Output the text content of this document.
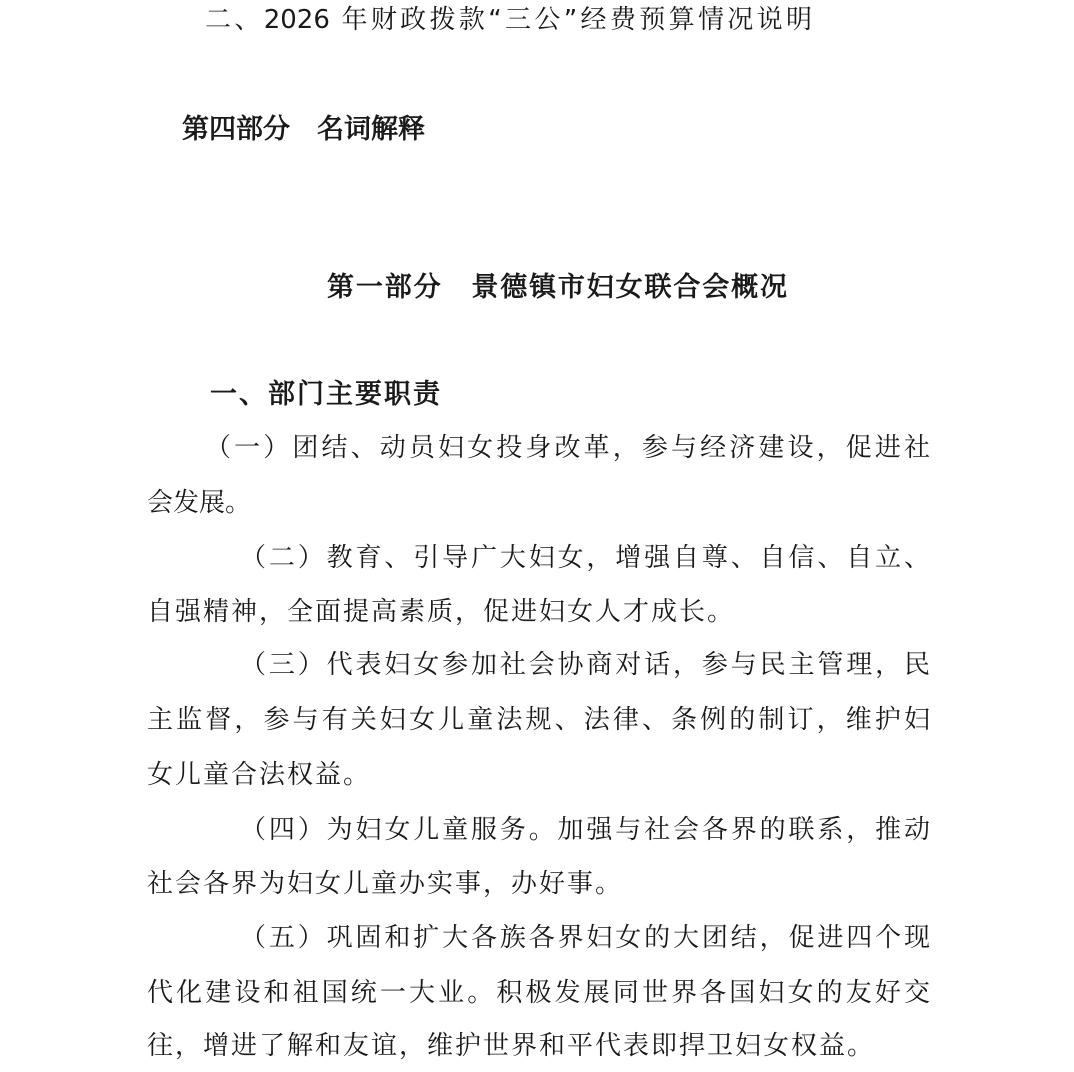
二、2026 年财政拨款“三公”经费预算情况说明
第四部分　名词解释
第一部分　景德镇市妇女联合会概况
一、部门主要职责
（一）团结、动员妇女投身改革，参与经济建设，促进社
会发展。
（二）教育、引导广大妇女，增强自尊、自信、自立、
自强精神，全面提高素质，促进妇女人才成长。
（三）代表妇女参加社会协商对话，参与民主管理，民
主监督，参与有关妇女儿童法规、法律、条例的制订，维护妇
女儿童合法权益。
（四）为妇女儿童服务。加强与社会各界的联系，推动
社会各界为妇女儿童办实事，办好事。
（五）巩固和扩大各族各界妇女的大团结，促进四个现
代化建设和祖国统一大业。积极发展同世界各国妇女的友好交
往，增进了解和友谊，维护世界和平代表即捍卫妇女权益。
